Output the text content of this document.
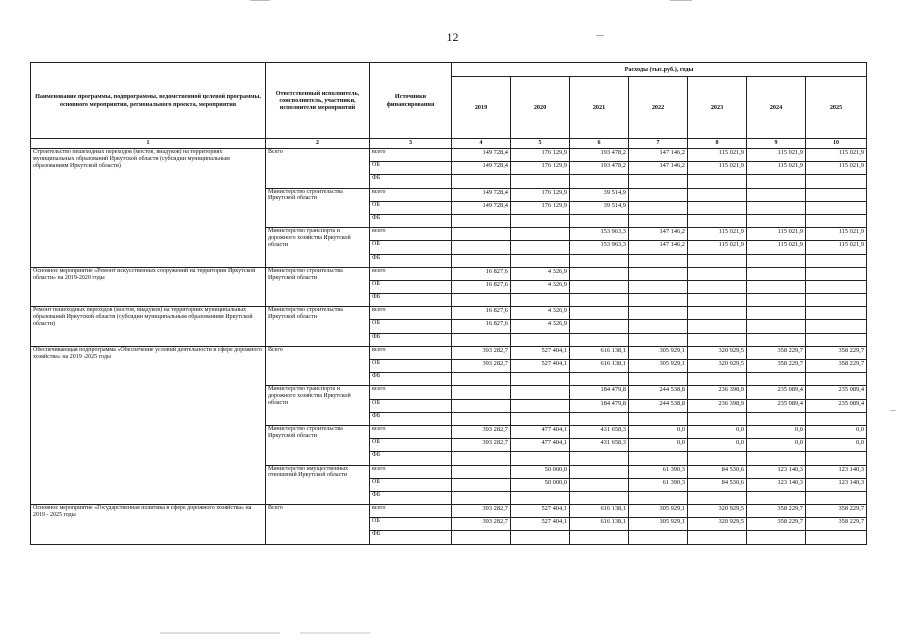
12
Наименование программы, подпрограммы, ведомственной целевой программы, основного мероприятия, регионального проекта, мероприятия	Ответственный исполнитель, соисполнитель, участники, исполнители мероприятий	Источники финансирования	Расходы (тыс.руб.), годы						
			2019	2020	2021	2022	2023	2024	2025
1	2	3	4	5	6	7	8	9	10
Строительство пешеходных переходов (мостов, виадуков) на территориях муниципальных образований Иркутской области (субсидии муниципальным образованиям Иркутской области)	Всего	всего	149 728,4	176 129,9	193 478,2	147 146,2	115 021,9	115 021,9	115 021,9
		ОБ	149 728,4	176 129,9	193 478,2	147 146,2	115 021,9	115 021,9	115 021,9
		ФБ							
	Министерство строительства Иркутской области	всего	149 728,4	176 129,9	39 514,9				
		ОБ	149 728,4	176 129,9	39 514,9				
		ФБ							
	Министерство транспорта и дорожного хозяйства Иркутской области	всего			153 963,3	147 146,2	115 021,9	115 021,9	115 021,9
		ОБ			153 963,3	147 146,2	115 021,9	115 021,9	115 021,9
		ФБ							
Основное мероприятие «Ремонт искусственных сооружений на территории Иркутской области» на 2019-2020 годы	Министерство строительства Иркутской области	всего	16 827,6	4 326,9					
		ОБ	16 827,6	4 326,9					
		ФБ							
Ремонт пешеходных переходов (мостов, виадуков) на территориях муниципальных образований Иркутской области (субсидии муниципальным образованиям Иркутской области)	Министерство строительства Иркутской области	всего	16 827,6	4 326,9					
		ОБ	16 827,6	4 326,9					
		ФБ							
Обеспечивающая подпрограмма «Обеспечение условий деятельности в сфере дорожного хозяйства» на 2019 -2025 годы	Всего	всего	393 282,7	527 404,1	616 138,1	305 929,1	320 929,5	358 229,7	358 229,7
		ОБ	393 282,7	527 404,1	616 138,1	305 929,1	320 929,5	358 229,7	358 229,7
		ФБ							
	Министерство транспорта и дорожного хозяйства Иркутской области	всего			184 479,8	244 538,8	236 398,9	235 089,4	235 089,4
		ОБ			184 479,8	244 538,8	236 398,9	235 089,4	235 089,4
		ФБ							
	Министерство строительства Иркутской области	всего	393 282,7	477 404,1	431 658,3	0,0	0,0	0,0	0,0
		ОБ	393 282,7	477 404,1	431 658,3	0,0	0,0	0,0	0,0
		ФБ							
	Министерство имущественных отношений Иркутской области	всего		50 000,0		61 390,3	84 530,6	123 140,3	123 140,3
		ОБ		50 000,0		61 390,3	84 530,6	123 140,3	123 140,3
		ФБ							
Основное мероприятие «Государственная политика в сфере дорожного хозяйства» на 2019 - 2025 годы	Всего	всего	393 282,7	527 404,1	616 138,1	305 929,1	320 929,5	358 229,7	358 229,7
		ОБ	393 282,7	527 404,1	616 138,1	305 929,1	320 929,5	358 229,7	358 229,7
		ФБ							
